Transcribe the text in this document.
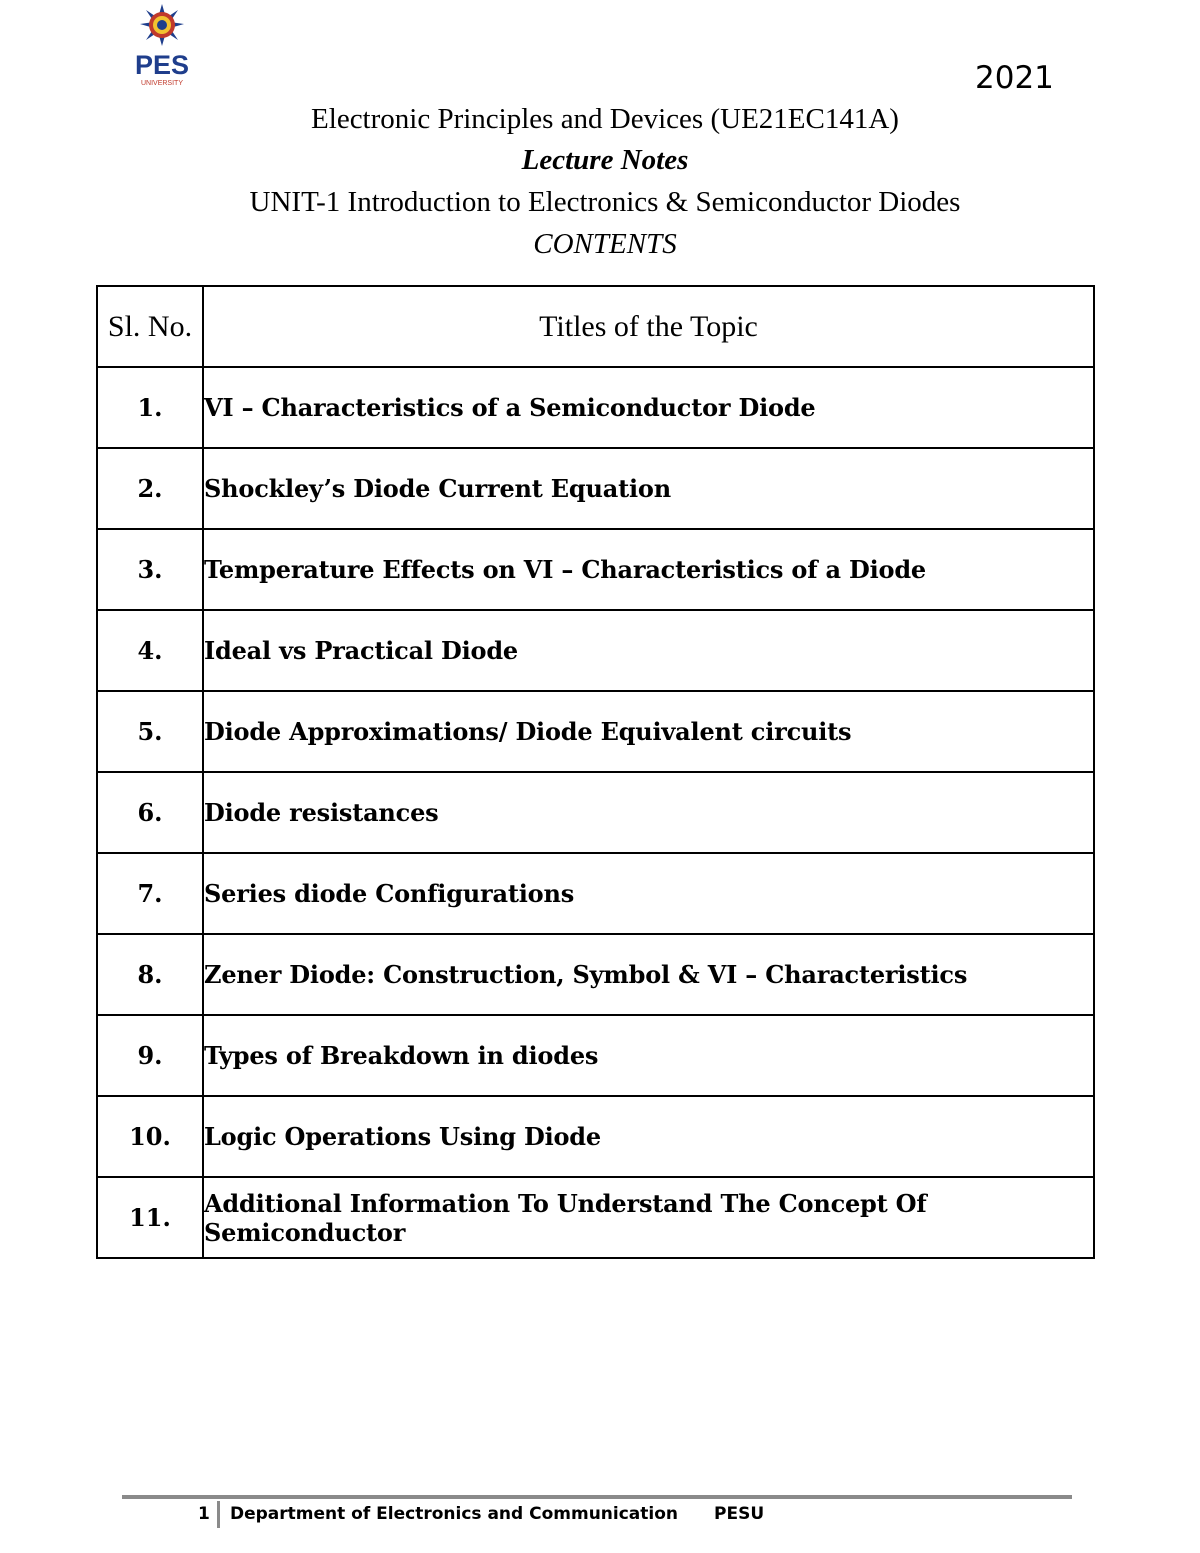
PES
UNIVERSITY	2021
Electronic Principles and Devices (UE21EC141A)
Lecture Notes
UNIT-1 Introduction to Electronics & Semiconductor Diodes
CONTENTS
Sl. No.	Titles of the Topic
1.	VI – Characteristics of a Semiconductor Diode
2.	Shockley’s Diode Current Equation
3.	Temperature Effects on VI – Characteristics of a Diode
4.	Ideal vs Practical Diode
5.	Diode Approximations/ Diode Equivalent circuits
6.	Diode resistances
7.	Series diode Configurations
8.	Zener Diode: Construction, Symbol & VI – Characteristics
9.	Types of Breakdown in diodes
10.	Logic Operations Using Diode
11.	Additional Information To Understand The Concept Of Semiconductor
1 Department of Electronics and Communication PESU
